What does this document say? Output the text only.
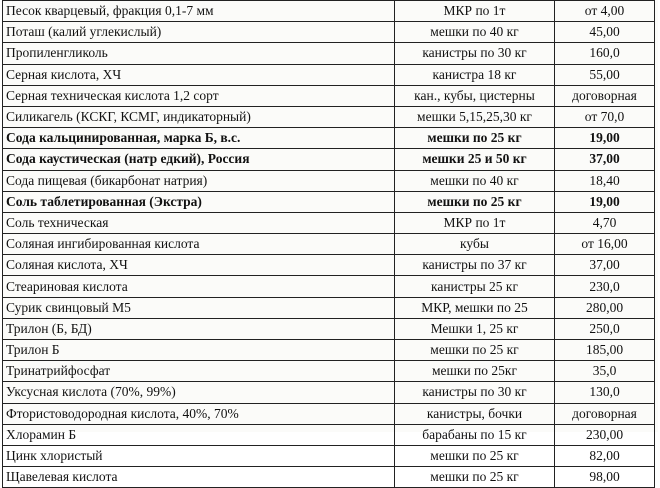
Песок кварцевый, фракция 0,1-7 мм	МКР по 1т	от 4,00
Поташ (калий углекислый)	мешки по 40 кг	45,00
Пропиленгликоль	канистры по 30 кг	160,0
Серная кислота, ХЧ	канистра 18 кг	55,00
Серная техническая кислота 1,2 сорт	кан., кубы, цистерны	договорная
Силикагель (КСКГ, КСМГ, индикаторный)	мешки 5,15,25,30 кг	от 70,0
Сода кальцинированная, марка Б, в.с.	мешки по 25 кг	19,00
Сода каустическая (натр едкий), Россия	мешки 25 и 50 кг	37,00
Сода пищевая (бикарбонат натрия)	мешки по 40 кг	18,40
Соль таблетированная (Экстра)	мешки по 25 кг	19,00
Соль техническая	МКР по 1т	4,70
Соляная ингибированная кислота	кубы	от 16,00
Соляная кислота, ХЧ	канистры по 37 кг	37,00
Стеариновая кислота	канистры 25 кг	230,0
Сурик свинцовый М5	МКР, мешки по 25	280,00
Трилон (Б, БД)	Мешки 1, 25 кг	250,0
Трилон Б	мешки по 25 кг	185,00
Тринатрийфосфат	мешки по 25кг	35,0
Уксусная кислота (70%, 99%)	канистры по 30 кг	130,0
Фтористоводородная кислота, 40%, 70%	канистры, бочки	договорная
Хлорамин Б	барабаны по 15 кг	230,00
Цинк хлористый	мешки по 25 кг	82,00
Щавелевая кислота	мешки по 25 кг	98,00
